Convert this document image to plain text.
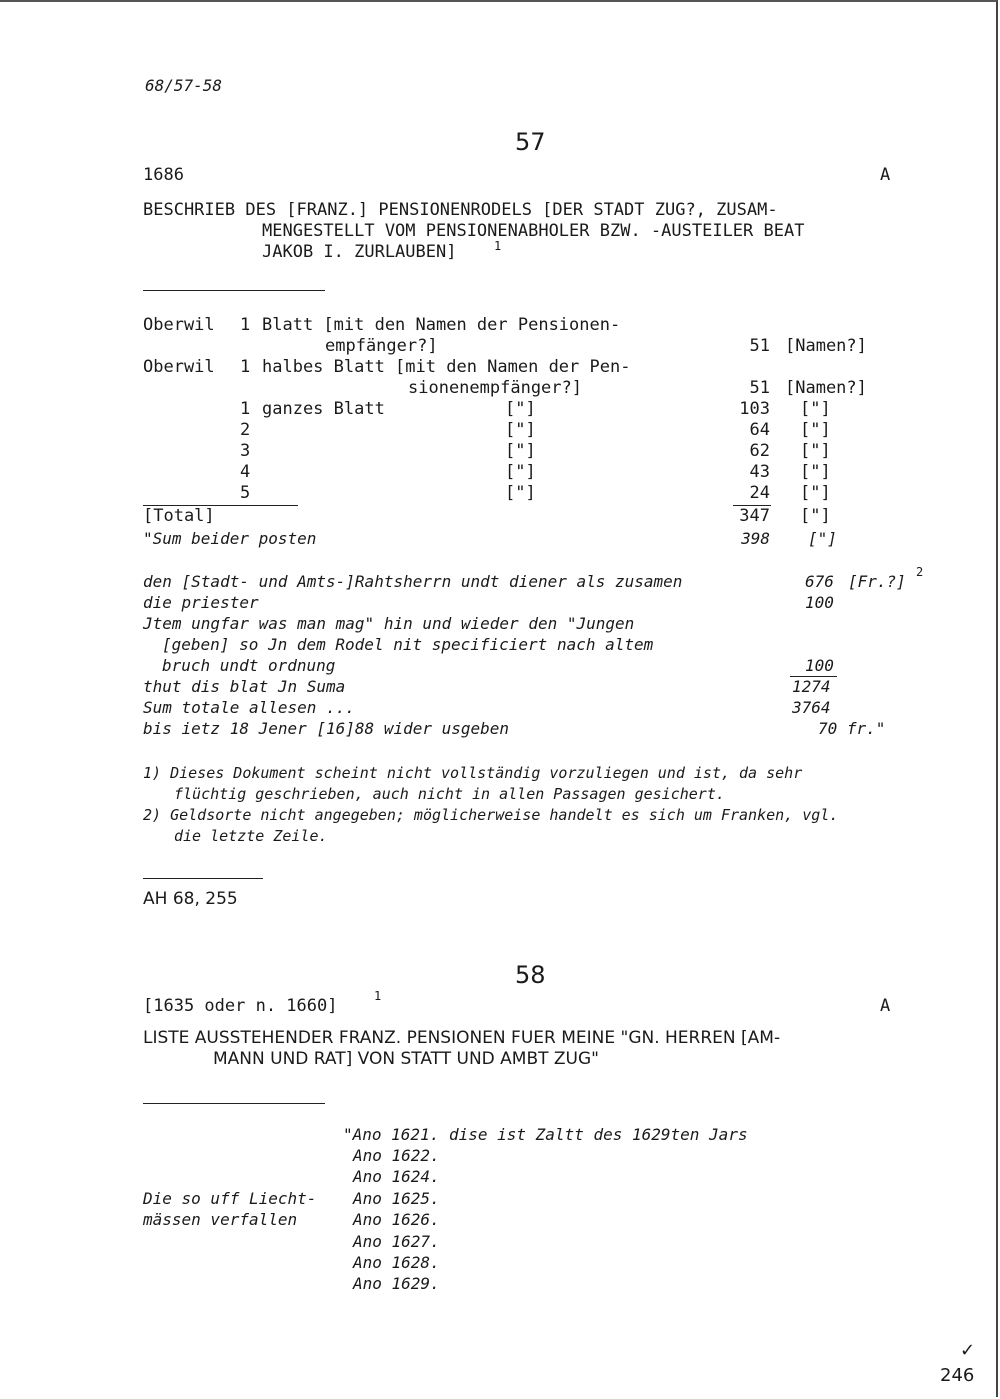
68/57-58
57
1686	A
BESCHRIEB DES [FRANZ.] PENSIONENRODELS [DER STADT ZUG?, ZUSAM-
MENGESTELLT VOM PENSIONENABHOLER BZW. -AUSTEILER BEAT
JAKOB I. ZURLAUBEN]	1
Oberwil 1 Blatt [mit den Namen der Pensionen-
empfänger?]	51 [Namen?]
Oberwil 1 halbes Blatt [mit den Namen der Pen-
sionenempfänger?]	51 [Namen?]
1 ganzes Blatt	["]	103 ["]
2	["]	64 ["]
3	["]	62 ["]
4	["]	43 ["]
5	["]	24 ["]
[Total]	347 ["]
"Sum beider posten	398 ["]
den [Stadt- und Amts-]Rahtsherrn undt diener als zusamen	676 [Fr.?] 2
die priester	100
Jtem ungfar was man mag" hin und wieder den "Jungen
[geben] so Jn dem Rodel nit specificiert nach altem
bruch undt ordnung	100
thut dis blat Jn Suma	1274
Sum totale allesen ...	3764
bis ietz 18 Jener [16]88 wider usgeben	70 fr."
1) Dieses Dokument scheint nicht vollständig vorzuliegen und ist, da sehr
flüchtig geschrieben, auch nicht in allen Passagen gesichert.
2) Geldsorte nicht angegeben; möglicherweise handelt es sich um Franken, vgl.
die letzte Zeile.
AH 68, 255
58
[1635 oder n. 1660]	1	A
LISTE AUSSTEHENDER FRANZ. PENSIONEN FUER MEINE "GN. HERREN [AM-
MANN UND RAT] VON STATT UND AMBT ZUG"
"Ano 1621. dise ist Zaltt des 1629ten Jars
Ano 1622.
Ano 1624.
Die so uff Liecht- Ano 1625.
mässen verfallen	Ano 1626.
Ano 1627.
Ano 1628.
Ano 1629.
✓
246
